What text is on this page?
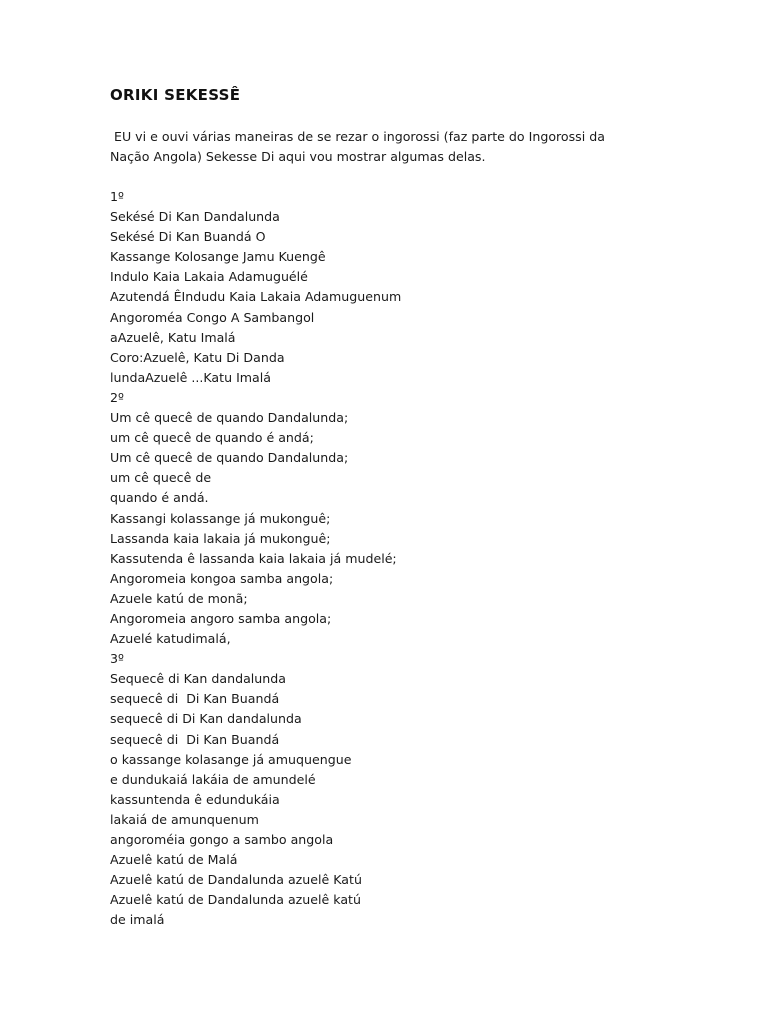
ORIKI SEKESSÊ
EU vi e ouvi várias maneiras de se rezar o ingorossi (faz parte do Ingorossi da
Nação Angola) Sekesse Di aqui vou mostrar algumas delas.
1º
Sekésé Di Kan Dandalunda
Sekésé Di Kan Buandá O
Kassange Kolosange Jamu Kuengê
Indulo Kaia Lakaia Adamuguélé
Azutendá ÊIndudu Kaia Lakaia Adamuguenum
Angoroméa Congo A Sambangol
aAzuelê, Katu Imalá
Coro:Azuelê, Katu Di Danda
lundaAzuelê ...Katu Imalá
2º
Um cê quecê de quando Dandalunda;
um cê quecê de quando é andá;
Um cê quecê de quando Dandalunda;
um cê quecê de
quando é andá.
Kassangi kolassange já mukonguê;
Lassanda kaia lakaia já mukonguê;
Kassutenda ê lassanda kaia lakaia já mudelé;
Angoromeia kongoa samba angola;
Azuele katú de monã;
Angoromeia angoro samba angola;
Azuelé katudimalá,
3º
Sequecê di Kan dandalunda
sequecê di  Di Kan Buandá
sequecê di Di Kan dandalunda
sequecê di  Di Kan Buandá
o kassange kolasange já amuquengue
e dundukaiá lakáia de amundelé
kassuntenda ê edundukáia
lakaiá de amunquenum
angoroméia gongo a sambo angola
Azuelê katú de Malá
Azuelê katú de Dandalunda azuelê Katú
Azuelê katú de Dandalunda azuelê katú
de imalá
